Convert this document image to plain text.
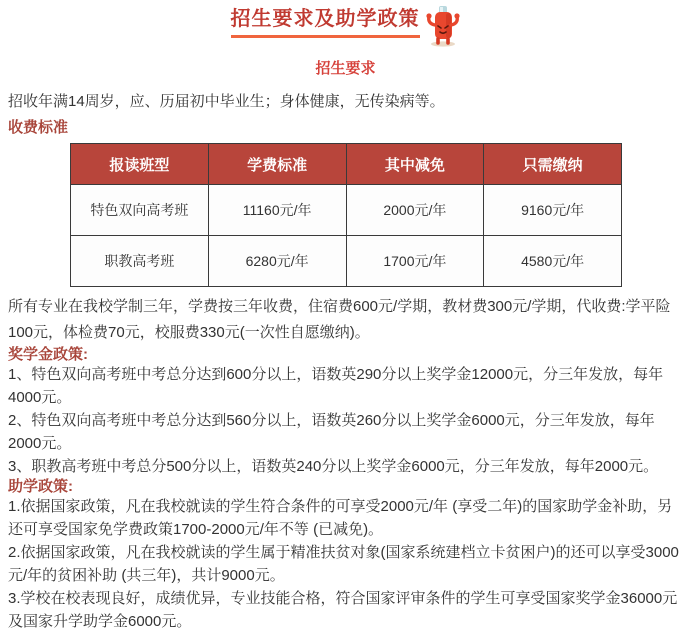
招生要求及助学政策
招生要求

招收年满14周岁，应、历届初中毕业生；身体健康，无传染病等。

收费标准

报读班型	学费标准	其中减免	只需缴纳
特色双向高考班	11160元/年	2000元/年	9160元/年
职教高考班	6280元/年	1700元/年	4580元/年

所有专业在我校学制三年，学费按三年收费，住宿费600元/学期，教材费300元/学期，代收费:学平险100元，体检费70元，校服费330元(一次性自愿缴纳)。

奖学金政策:

1、特色双向高考班中考总分达到600分以上，语数英290分以上奖学金12000元，分三年发放，每年4000元。

2、特色双向高考班中考总分达到560分以上，语数英260分以上奖学金6000元，分三年发放，每年2000元。

3、职教高考班中考总分500分以上，语数英240分以上奖学金6000元，分三年发放，每年2000元。

助学政策:

1.依据国家政策，凡在我校就读的学生符合条件的可享受2000元/年 (享受二年)的国家助学金补助，另还可享受国家免学费政策1700-2000元/年不等 (已减免)。

2.依据国家政策，凡在我校就读的学生属于精准扶贫对象(国家系统建档立卡贫困户)的还可以享受3000元/年的贫困补助 (共三年)，共计9000元。

3.学校在校表现良好，成绩优异，专业技能合格，符合国家评审条件的学生可享受国家奖学金36000元及国家升学助学金6000元。
